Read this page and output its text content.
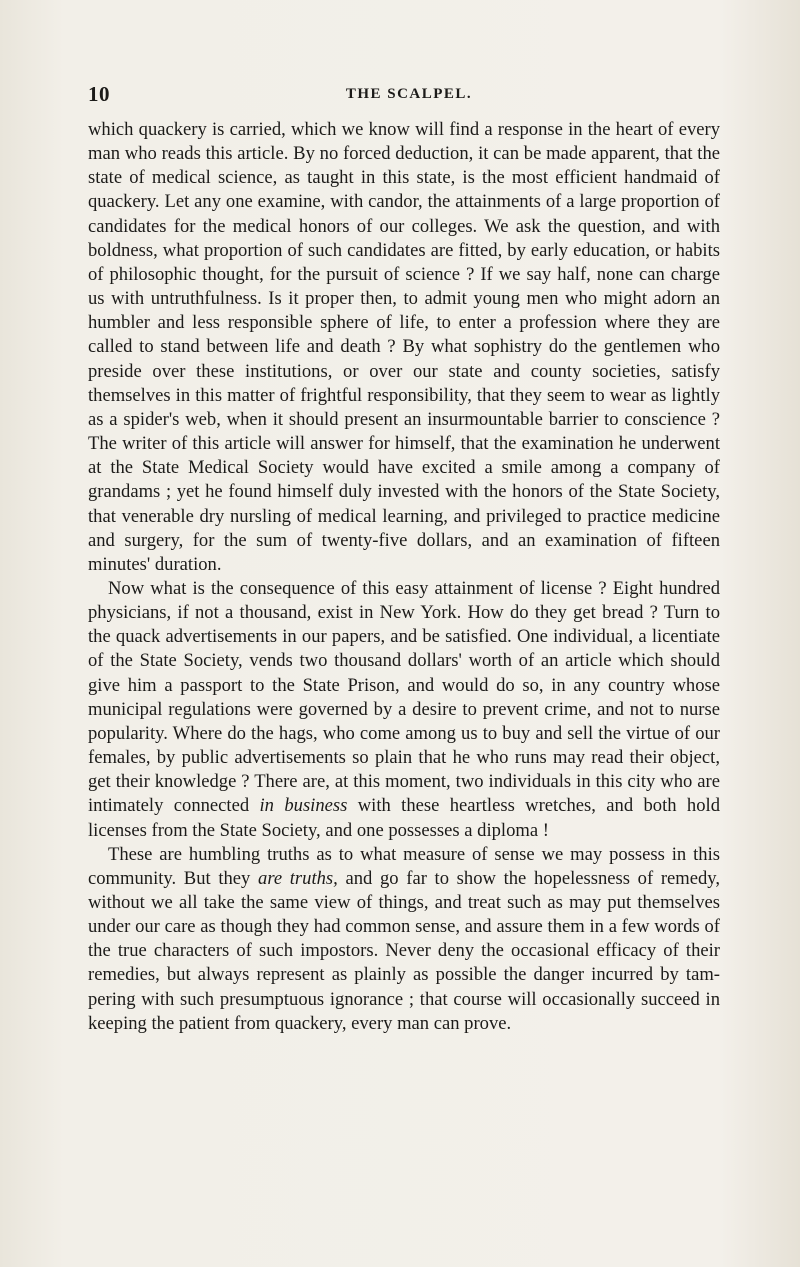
10	THE SCALPEL.

which quackery is carried, which we know will find a response in the heart of every man who reads this article. By no forced deduction, it can be made apparent, that the state of medical science, as taught in this state, is the most efficient handmaid of quackery. Let any one examine, with candor, the attainments of a large proportion of candidates for the medical honors of our colleges. We ask the question, and with boldness, what proportion of such candidates are fitted, by early education, or habits of philosophic thought, for the pursuit of science ? If we say half, none can charge us with untruthfulness. Is it proper then, to admit young men who might adorn an humbler and less responsible sphere of life, to enter a profession where they are called to stand between life and death ? By what sophistry do the gentlemen who preside over these institutions, or over our state and county societies, satisfy themselves in this matter of frightful responsibility, that they seem to wear as lightly as a spider's web, when it should present an insurmountable barrier to conscience ? The writer of this article will answer for himself, that the examination he underwent at the State Medical Society would have excited a smile among a company of grandams ; yet he found himself duly invested with the honors of the State Society, that venerable dry nursling of medical learning, and privileged to practice medicine and surgery, for the sum of twenty-five dollars, and an examination of fifteen minutes' duration.

Now what is the consequence of this easy attainment of license ? Eight hundred physicians, if not a thousand, exist in New York. How do they get bread ? Turn to the quack advertisements in our papers, and be satisfied. One individual, a licentiate of the State Society, vends two thousand dollars' worth of an article which should give him a passport to the State Prison, and would do so, in any country whose municipal regulations were governed by a desire to prevent crime, and not to nurse popularity. Where do the hags, who come among us to buy and sell the virtue of our females, by public advertisements so plain that he who runs may read their object, get their knowledge ? There are, at this moment, two individuals in this city who are intimately connected in business with these heartless wretches, and both hold licenses from the State Society, and one possesses a diploma !

These are humbling truths as to what measure of sense we may possess in this community. But they are truths, and go far to show the hopelessness of remedy, without we all take the same view of things, and treat such as may put themselves under our care as though they had common sense, and assure them in a few words of the true characters of such impostors. Never deny the occasional efficacy of their remedies, but always represent as plainly as possible the danger incurred by tampering with such presumptuous ignorance ; that course will occasionally succeed in keeping the patient from quackery, every man can prove.
